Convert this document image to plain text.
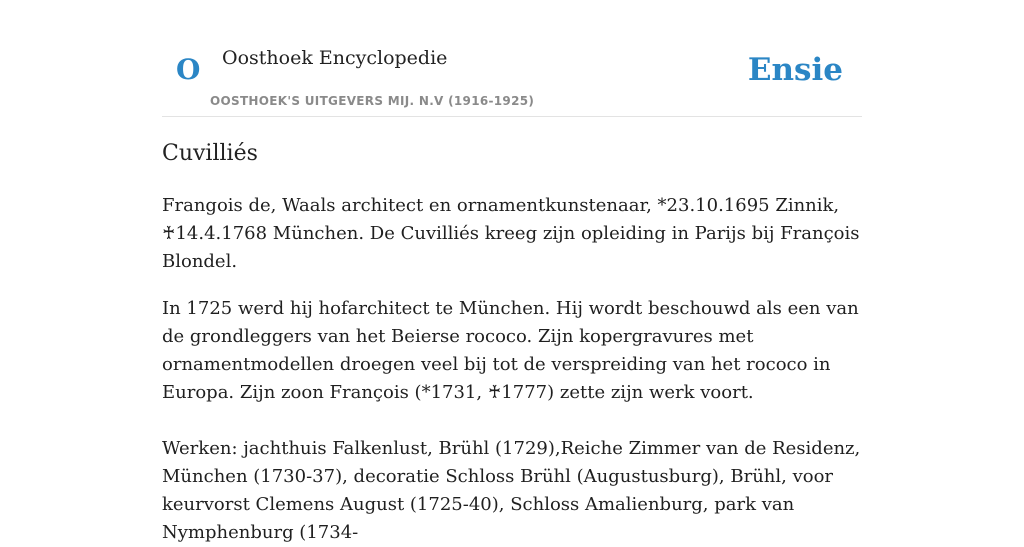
O Oosthoek Encyclopedie
OOSTHOEK'S UITGEVERS MIJ. N.V (1916-1925)
Ensie
Cuvilliés

Frangois de, Waals architect en ornamentkunstenaar, *23.10.1695 Zinnik, ♰14.4.1768 München. De Cuvilliés kreeg zijn opleiding in Parijs bij François Blondel.

In 1725 werd hij hofarchitect te München. Hij wordt beschouwd als een van de grondleggers van het Beierse rococo. Zijn kopergravures met ornamentmodellen droegen veel bij tot de verspreiding van het rococo in Europa. Zijn zoon François (*1731, ♰1777) zette zijn werk voort.

Werken: jachthuis Falkenlust, Brühl (1729),Reiche Zimmer van de Residenz, München (1730-37), decoratie Schloss Brühl (Augustusburg), Brühl, voor keurvorst Clemens August (1725-40), Schloss Amalienburg, park van Nymphenburg (1734-
